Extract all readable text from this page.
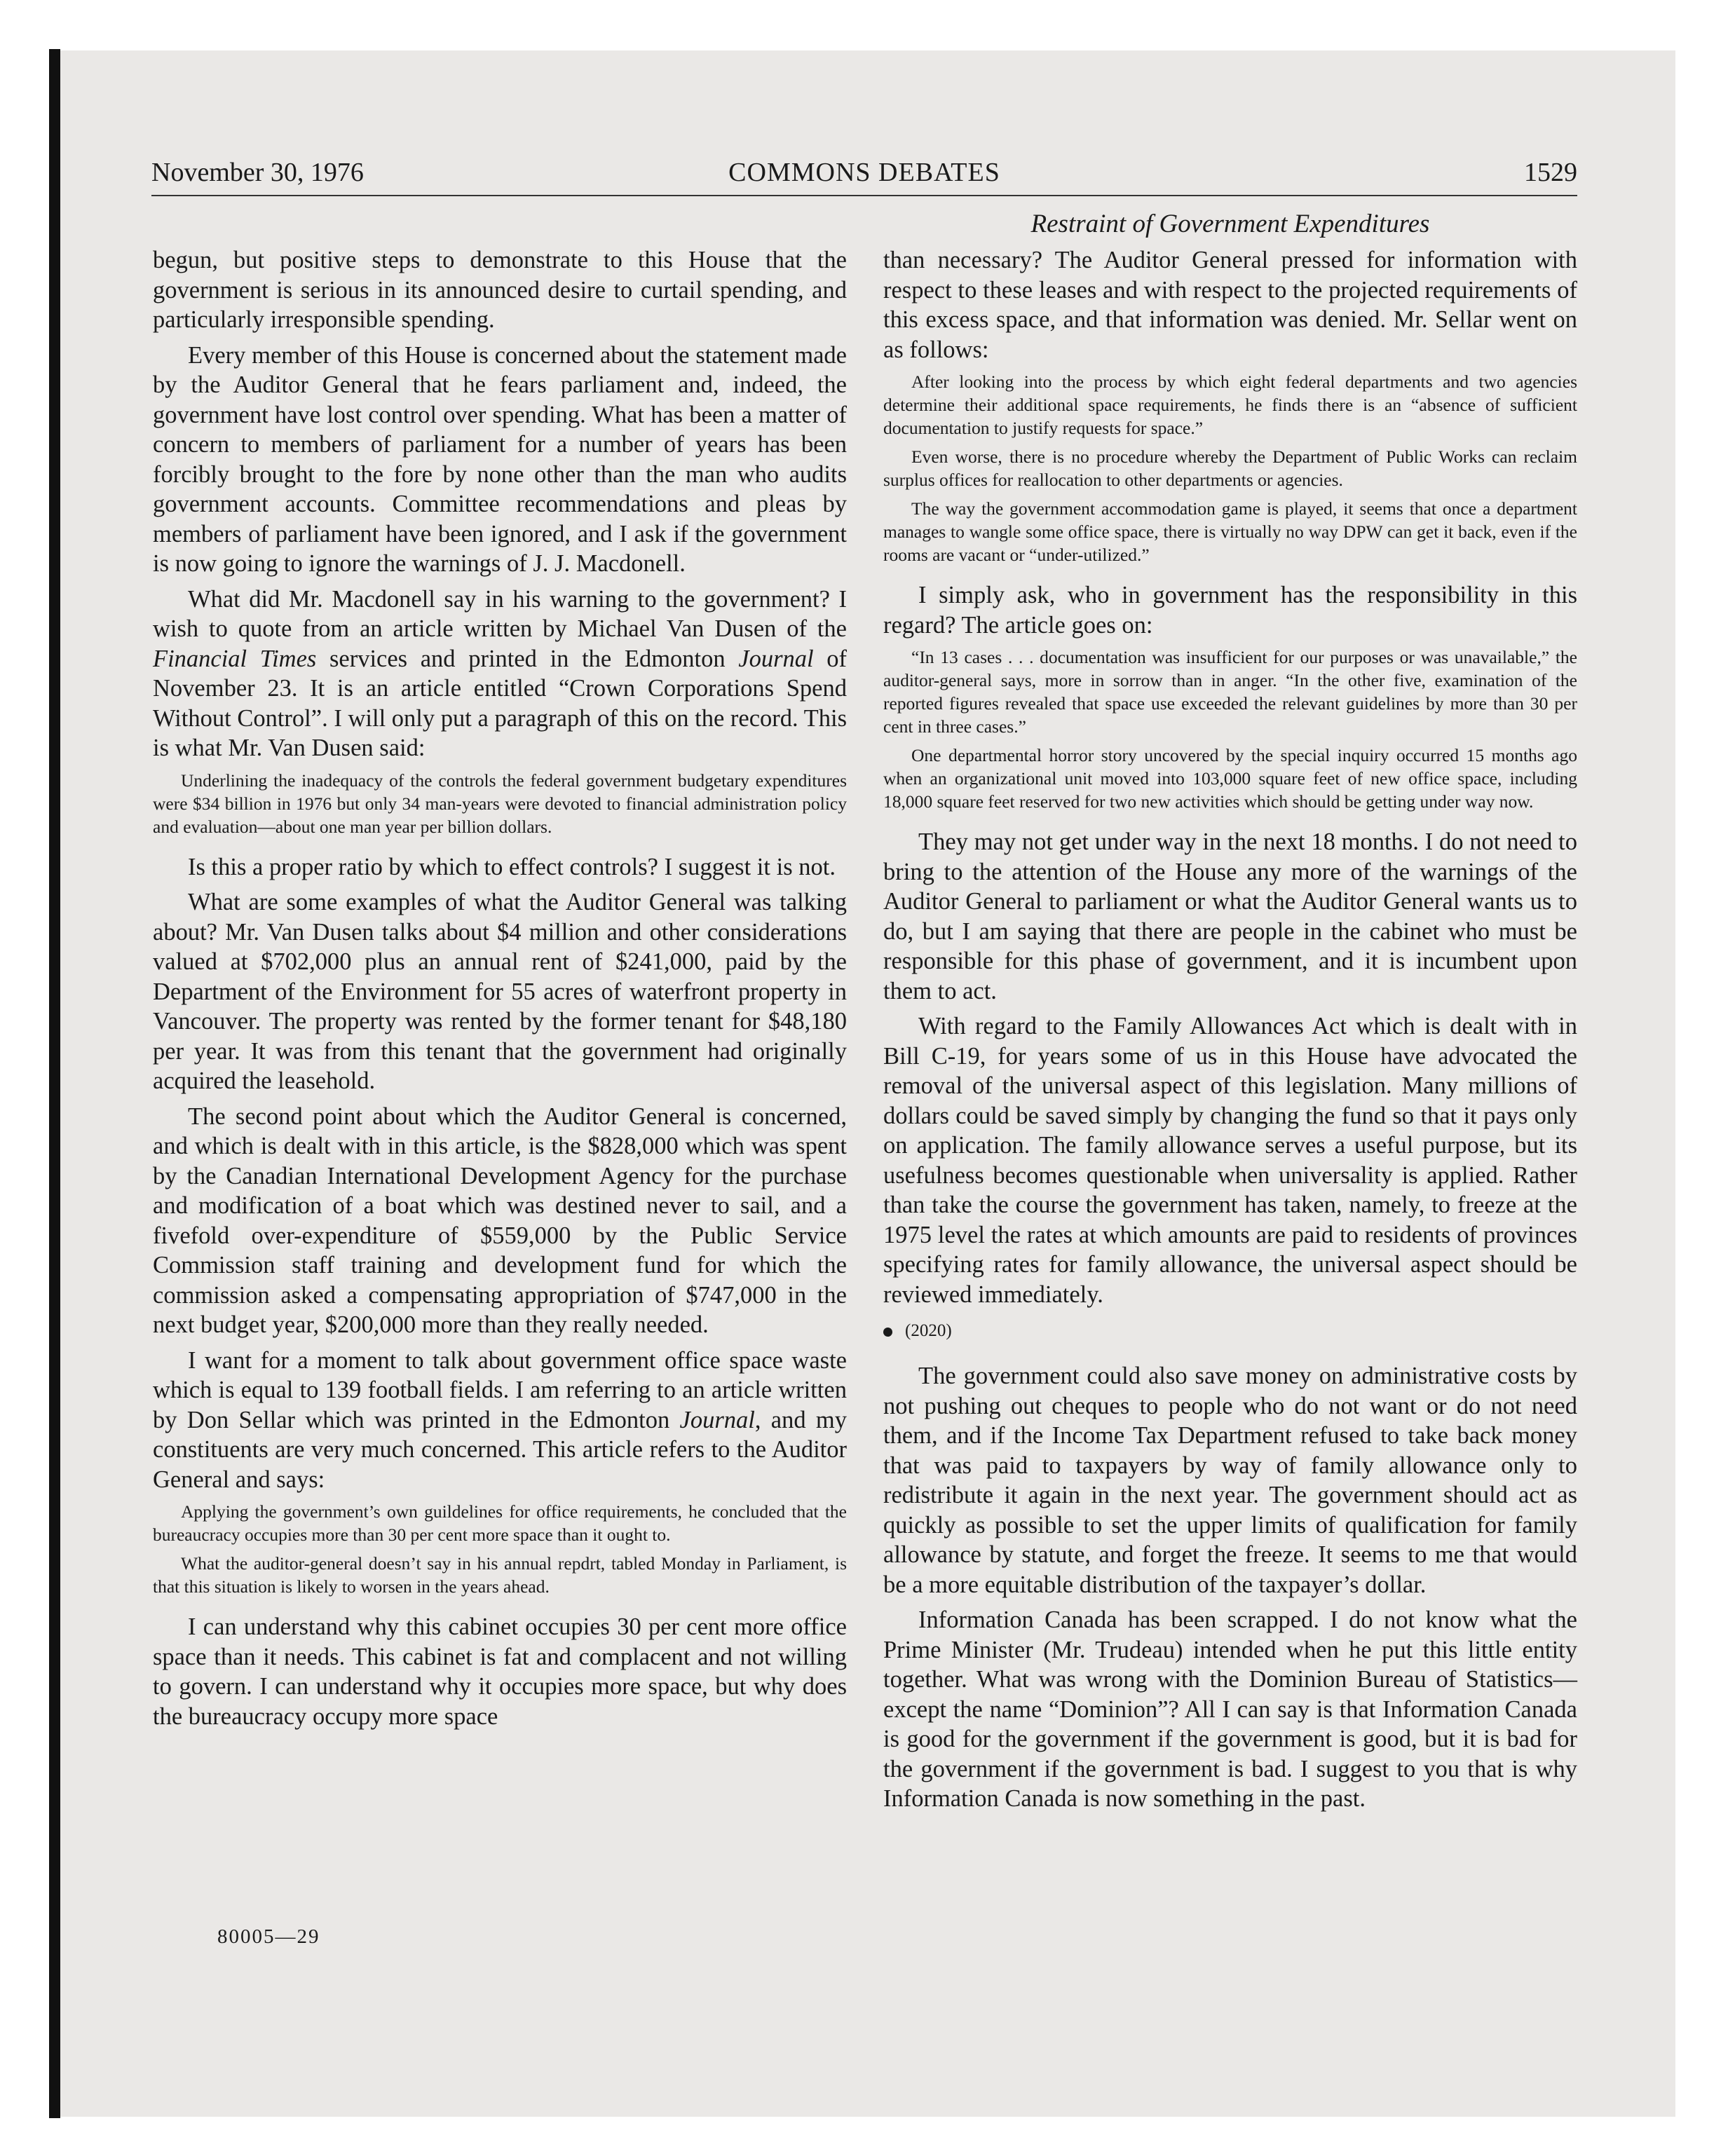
November 30, 1976	COMMONS DEBATES	1529
Restraint of Government Expenditures

begun, but positive steps to demonstrate to this House that the government is serious in its announced desire to curtail spending, and particularly irresponsible spending.

Every member of this House is concerned about the statement made by the Auditor General that he fears parliament and, indeed, the government have lost control over spending. What has been a matter of concern to members of parliament for a number of years has been forcibly brought to the fore by none other than the man who audits government accounts. Committee recommendations and pleas by members of parliament have been ignored, and I ask if the government is now going to ignore the warnings of J. J. Macdonell.

What did Mr. Macdonell say in his warning to the government? I wish to quote from an article written by Michael Van Dusen of the Financial Times services and printed in the Edmonton Journal of November 23. It is an article entitled “Crown Corporations Spend Without Control”. I will only put a paragraph of this on the record. This is what Mr. Van Dusen said:

Underlining the inadequacy of the controls the federal government budgetary expenditures were $34 billion in 1976 but only 34 man-years were devoted to financial administration policy and evaluation—about one man year per billion dollars.

Is this a proper ratio by which to effect controls? I suggest it is not.

What are some examples of what the Auditor General was talking about? Mr. Van Dusen talks about $4 million and other considerations valued at $702,000 plus an annual rent of $241,000, paid by the Department of the Environment for 55 acres of waterfront property in Vancouver. The property was rented by the former tenant for $48,180 per year. It was from this tenant that the government had originally acquired the leasehold.

The second point about which the Auditor General is concerned, and which is dealt with in this article, is the $828,000 which was spent by the Canadian International Development Agency for the purchase and modification of a boat which was destined never to sail, and a fivefold over-expenditure of $559,000 by the Public Service Commission staff training and development fund for which the commission asked a compensating appropriation of $747,000 in the next budget year, $200,000 more than they really needed.

I want for a moment to talk about government office space waste which is equal to 139 football fields. I am referring to an article written by Don Sellar which was printed in the Edmonton Journal, and my constituents are very much concerned. This article refers to the Auditor General and says:

Applying the government’s own guildelines for office requirements, he concluded that the bureaucracy occupies more than 30 per cent more space than it ought to.

What the auditor-general doesn’t say in his annual repdrt, tabled Monday in Parliament, is that this situation is likely to worsen in the years ahead.

I can understand why this cabinet occupies 30 per cent more office space than it needs. This cabinet is fat and complacent and not willing to govern. I can understand why it occupies more space, but why does the bureaucracy occupy more space

than necessary? The Auditor General pressed for information with respect to these leases and with respect to the projected requirements of this excess space, and that information was denied. Mr. Sellar went on as follows:

After looking into the process by which eight federal departments and two agencies determine their additional space requirements, he finds there is an “absence of sufficient documentation to justify requests for space.”

Even worse, there is no procedure whereby the Department of Public Works can reclaim surplus offices for reallocation to other departments or agencies.

The way the government accommodation game is played, it seems that once a department manages to wangle some office space, there is virtually no way DPW can get it back, even if the rooms are vacant or “under-utilized.”

I simply ask, who in government has the responsibility in this regard? The article goes on:

“In 13 cases . . . documentation was insufficient for our purposes or was unavailable,” the auditor-general says, more in sorrow than in anger. “In the other five, examination of the reported figures revealed that space use exceeded the relevant guidelines by more than 30 per cent in three cases.”

One departmental horror story uncovered by the special inquiry occurred 15 months ago when an organizational unit moved into 103,000 square feet of new office space, including 18,000 square feet reserved for two new activities which should be getting under way now.

They may not get under way in the next 18 months. I do not need to bring to the attention of the House any more of the warnings of the Auditor General to parliament or what the Auditor General wants us to do, but I am saying that there are people in the cabinet who must be responsible for this phase of government, and it is incumbent upon them to act.

With regard to the Family Allowances Act which is dealt with in Bill C-19, for years some of us in this House have advocated the removal of the universal aspect of this legislation. Many millions of dollars could be saved simply by changing the fund so that it pays only on application. The family allowance serves a useful purpose, but its usefulness becomes questionable when universality is applied. Rather than take the course the government has taken, namely, to freeze at the 1975 level the rates at which amounts are paid to residents of provinces specifying rates for family allowance, the universal aspect should be reviewed immediately.

(2020)

The government could also save money on administrative costs by not pushing out cheques to people who do not want or do not need them, and if the Income Tax Department refused to take back money that was paid to taxpayers by way of family allowance only to redistribute it again in the next year. The government should act as quickly as possible to set the upper limits of qualification for family allowance by statute, and forget the freeze. It seems to me that would be a more equitable distribution of the taxpayer’s dollar.

Information Canada has been scrapped. I do not know what the Prime Minister (Mr. Trudeau) intended when he put this little entity together. What was wrong with the Dominion Bureau of Statistics—except the name “Dominion”? All I can say is that Information Canada is good for the government if the government is good, but it is bad for the government if the government is bad. I suggest to you that is why Information Canada is now something in the past.

80005—29
